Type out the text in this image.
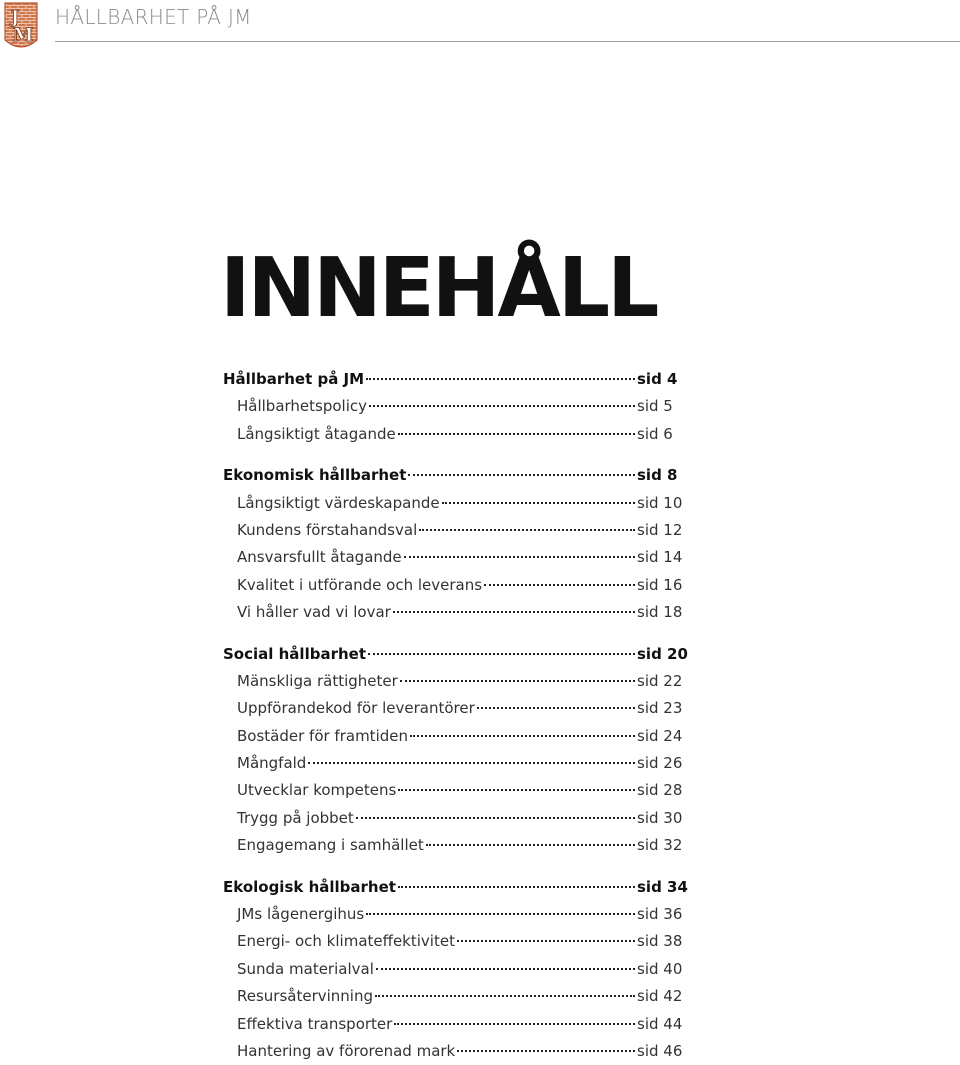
J
M
HÅLLBARHET PÅ JM
INNEHÅLL
Hållbarhet på JM	sid 4
Hållbarhetspolicy	sid 5
Långsiktigt åtagande	sid 6
Ekonomisk hållbarhet	sid 8
Långsiktigt värdeskapande	sid 10
Kundens förstahandsval	sid 12
Ansvarsfullt åtagande	sid 14
Kvalitet i utförande och leverans	sid 16
Vi håller vad vi lovar	sid 18
Social hållbarhet	sid 20
Mänskliga rättigheter	sid 22
Uppförandekod för leverantörer	sid 23
Bostäder för framtiden	sid 24
Mångfald	sid 26
Utvecklar kompetens	sid 28
Trygg på jobbet	sid 30
Engagemang i samhället	sid 32
Ekologisk hållbarhet	sid 34
JMs lågenergihus	sid 36
Energi- och klimateffektivitet	sid 38
Sunda materialval	sid 40
Resursåtervinning	sid 42
Effektiva transporter	sid 44
Hantering av förorenad mark	sid 46
